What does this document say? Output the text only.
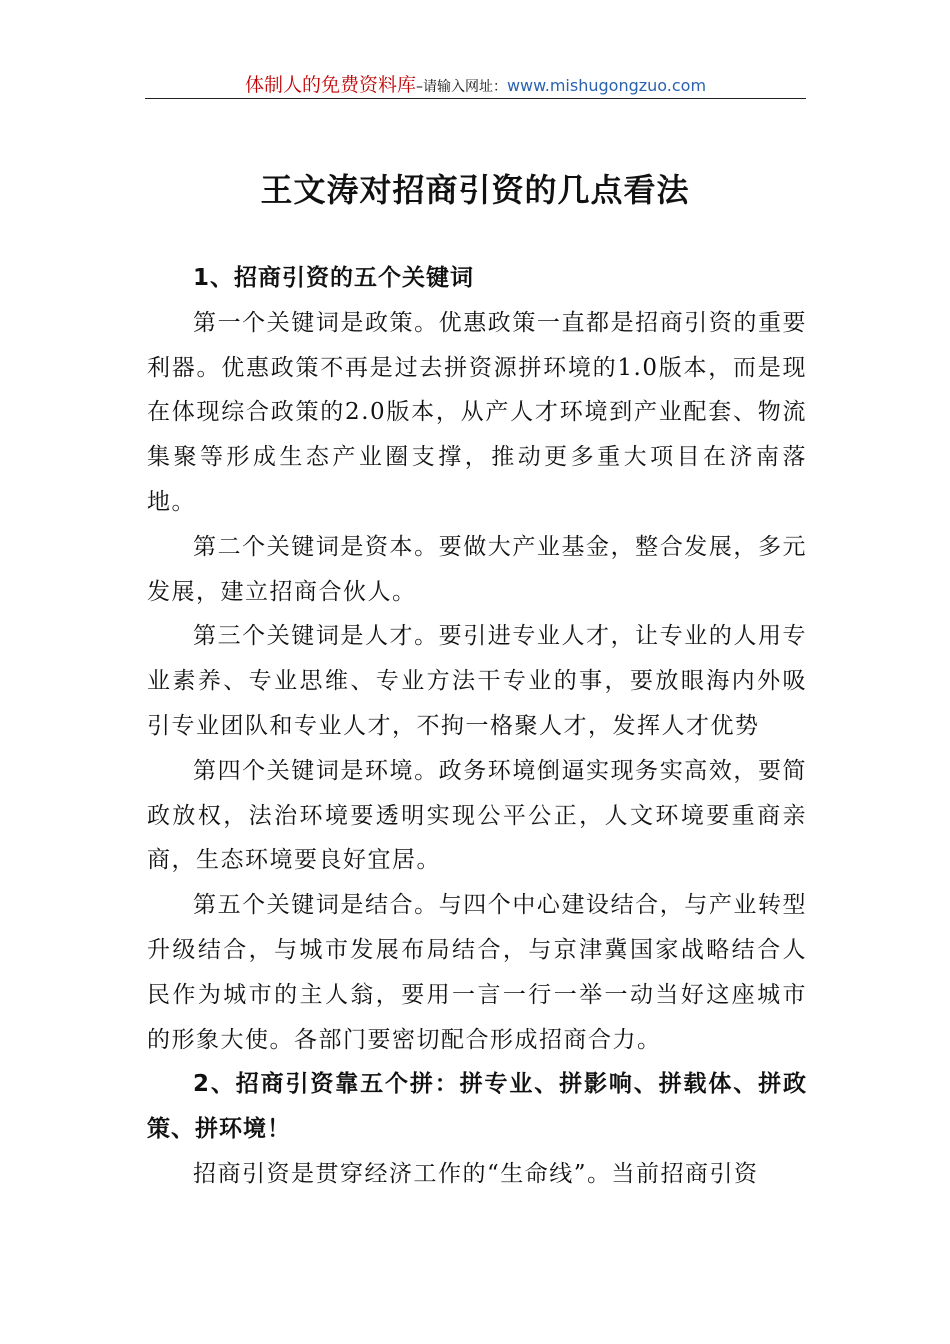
体制人的免费资料库–请输入网址：www.mishugongzuo.com
王文涛对招商引资的几点看法

1、招商引资的五个关键词

第一个关键词是政策。优惠政策一直都是招商引资的重要利器。优惠政策不再是过去拼资源拼环境的1.0版本，而是现在体现综合政策的2.0版本，从产人才环境到产业配套、物流集聚等形成生态产业圈支撑，推动更多重大项目在济南落地。

第二个关键词是资本。要做大产业基金，整合发展，多元发展，建立招商合伙人。

第三个关键词是人才。要引进专业人才，让专业的人用专业素养、专业思维、专业方法干专业的事，要放眼海内外吸引专业团队和专业人才，不拘一格聚人才，发挥人才优势

第四个关键词是环境。政务环境倒逼实现务实高效，要简政放权，法治环境要透明实现公平公正，人文环境要重商亲商，生态环境要良好宜居。

第五个关键词是结合。与四个中心建设结合，与产业转型升级结合，与城市发展布局结合，与京津冀国家战略结合人民作为城市的主人翁，要用一言一行一举一动当好这座城市的形象大使。各部门要密切配合形成招商合力。

2、招商引资靠五个拼：拼专业、拼影响、拼载体、拼政策、拼环境！

招商引资是贯穿经济工作的“生命线”。当前招商引资
